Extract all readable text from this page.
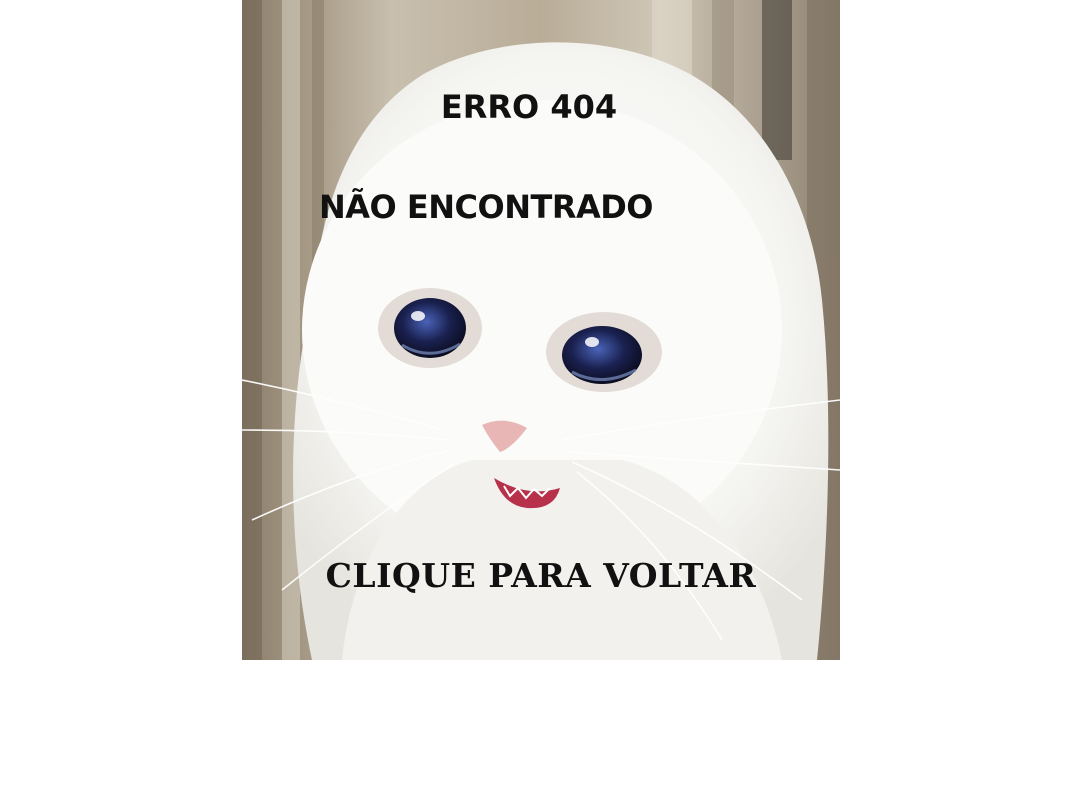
ERRO 404
NÃO ENCONTRADO
CLIQUE PARA VOLTAR
